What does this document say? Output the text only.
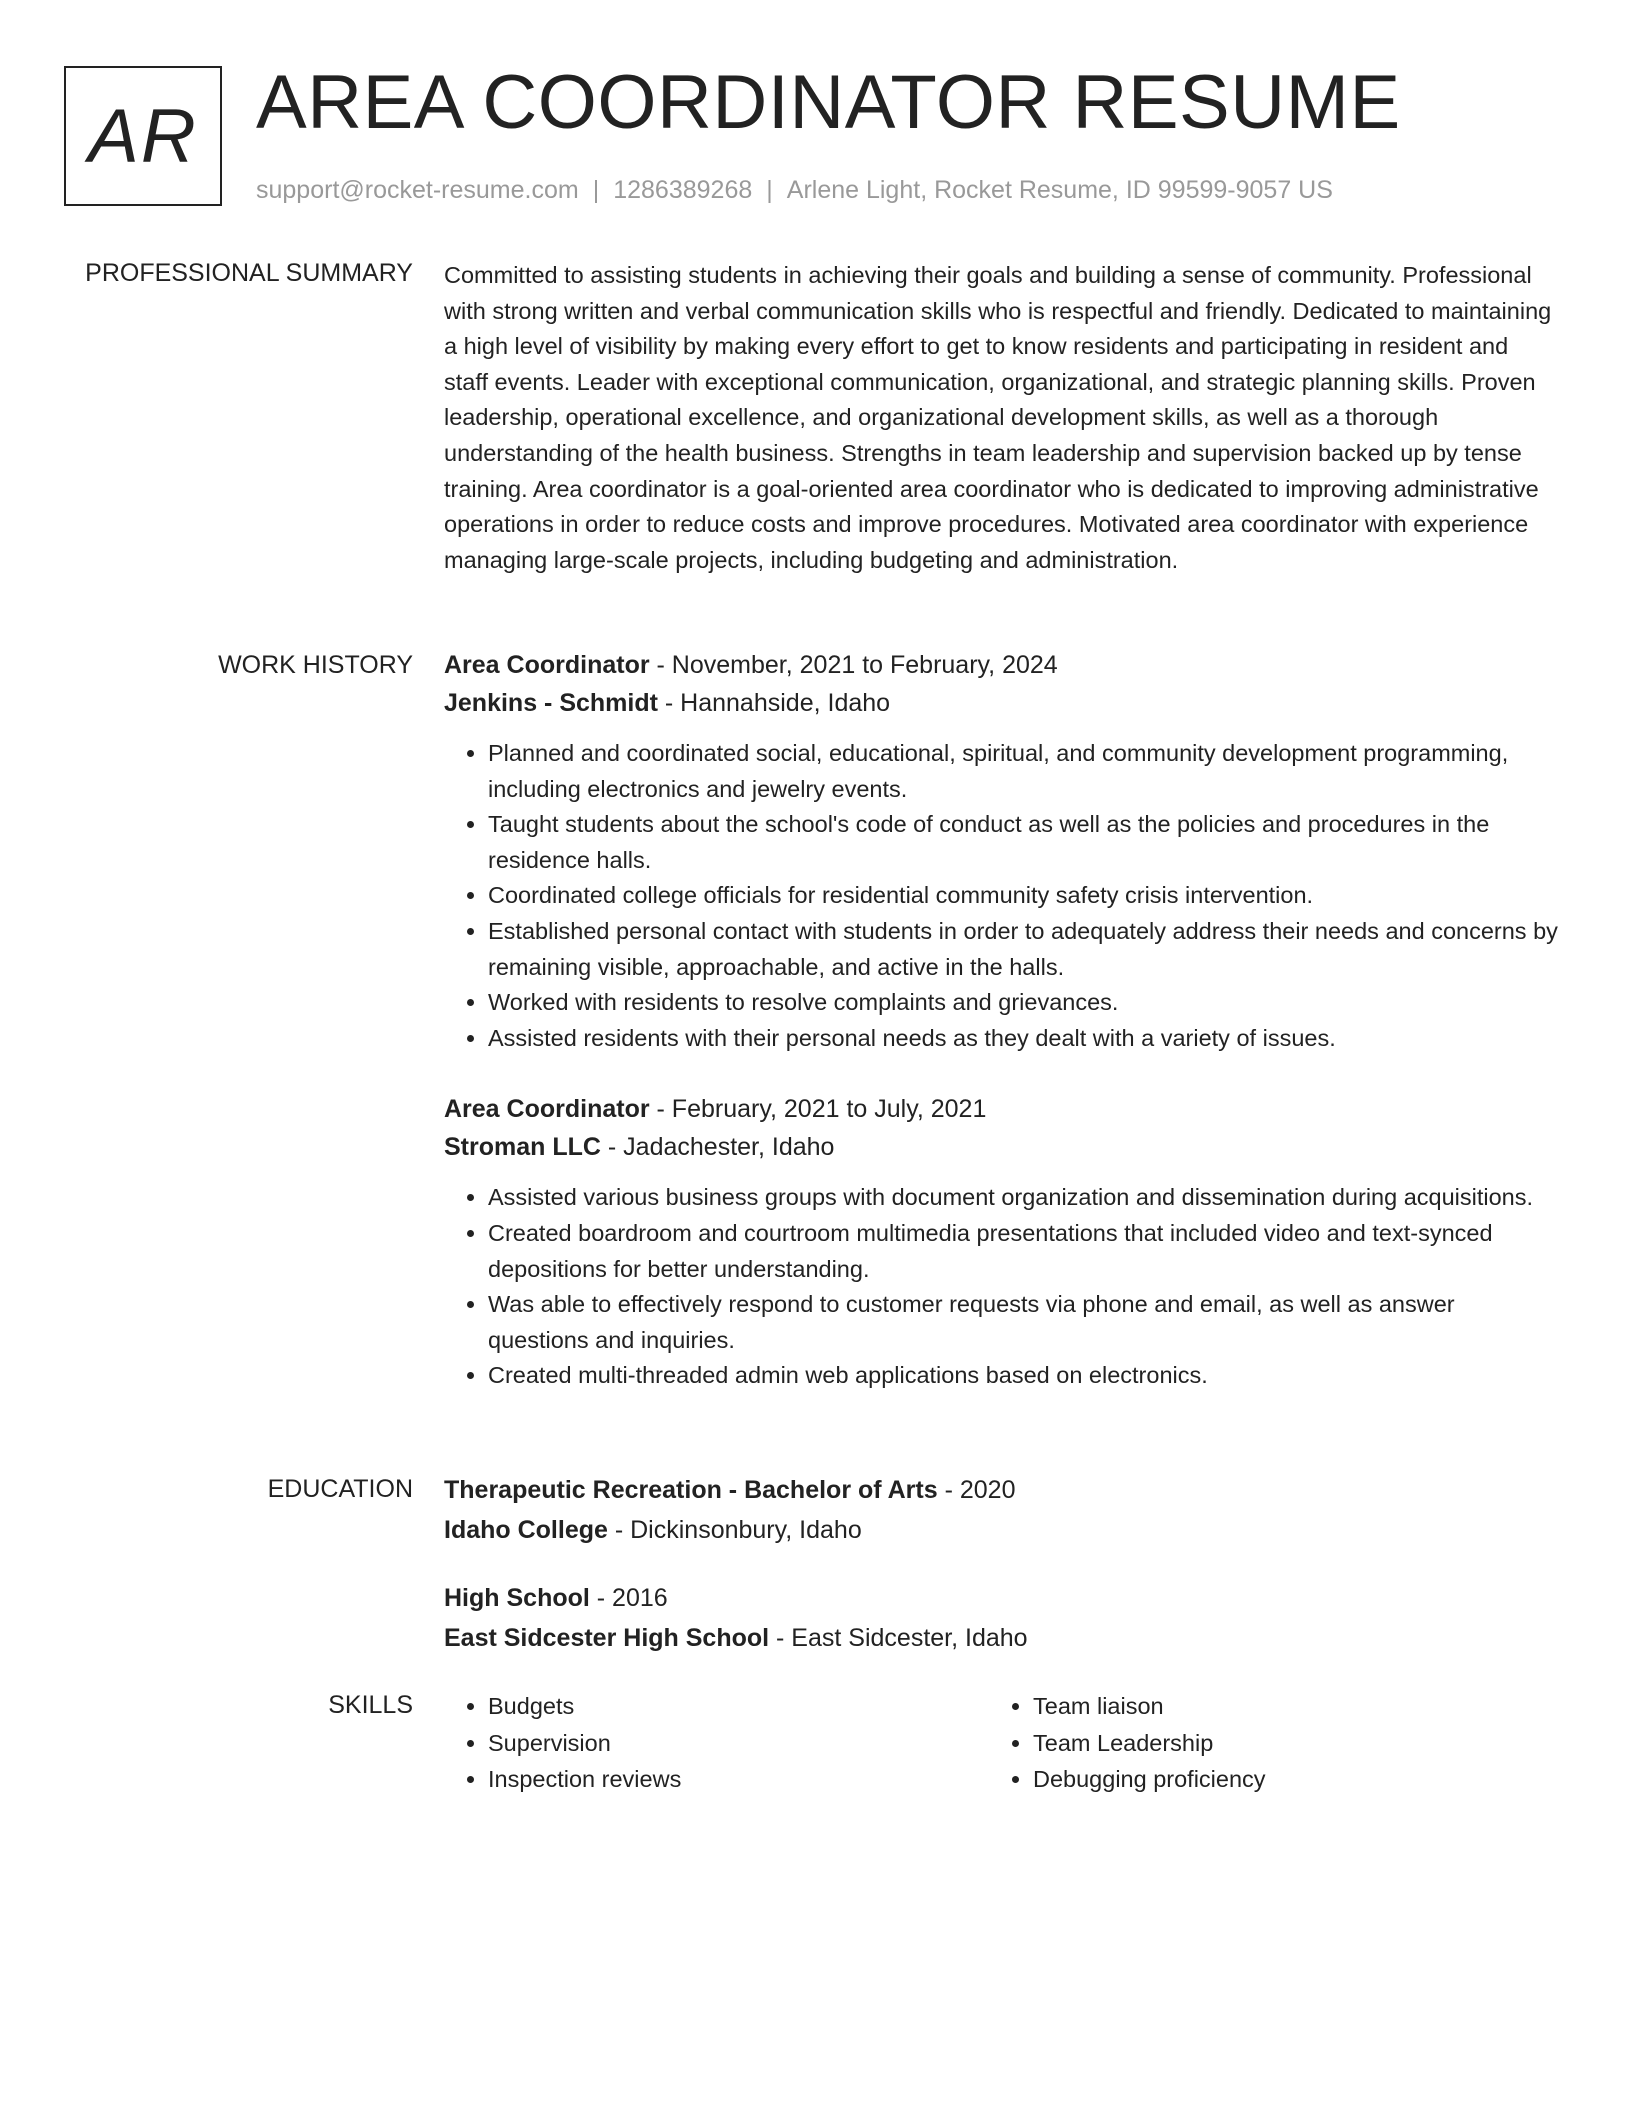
AR AREA COORDINATOR RESUME
support@rocket-resume.com | 1286389268 | Arlene Light, Rocket Resume, ID 99599-9057 US
PROFESSIONAL SUMMARY Committed to assisting students in achieving their goals and building a sense of community. Professional with strong written and verbal communication skills who is respectful and friendly. Dedicated to maintaining a high level of visibility by making every effort to get to know residents and participating in resident and staff events. Leader with exceptional communication, organizational, and strategic planning skills. Proven leadership, operational excellence, and organizational development skills, as well as a thorough understanding of the health business. Strengths in team leadership and supervision backed up by tense training. Area coordinator is a goal-oriented area coordinator who is dedicated to improving administrative operations in order to reduce costs and improve procedures. Motivated area coordinator with experience managing large-scale projects, including budgeting and administration.

WORK HISTORY Area Coordinator - November, 2021 to February, 2024

Jenkins - Schmidt - Hannahside, Idaho

• Planned and coordinated social, educational, spiritual, and community development programming, including electronics and jewelry events.
• Taught students about the school's code of conduct as well as the policies and procedures in the residence halls.
• Coordinated college officials for residential community safety crisis intervention.
• Established personal contact with students in order to adequately address their needs and concerns by remaining visible, approachable, and active in the halls.
• Worked with residents to resolve complaints and grievances.
• Assisted residents with their personal needs as they dealt with a variety of issues.

Area Coordinator - February, 2021 to July, 2021

Stroman LLC - Jadachester, Idaho

• Assisted various business groups with document organization and dissemination during acquisitions.
• Created boardroom and courtroom multimedia presentations that included video and text-synced depositions for better understanding.
• Was able to effectively respond to customer requests via phone and email, as well as answer questions and inquiries.
• Created multi-threaded admin web applications based on electronics.
EDUCATION Therapeutic Recreation - Bachelor of Arts - 2020

Idaho College - Dickinsonbury, Idaho

High School - 2016

East Sidcester High School - East Sidcester, Idaho

SKILLS
•	Budgets
• Supervision
• Inspection reviews
• Team liaison
• Team Leadership
• Debugging proficiency
